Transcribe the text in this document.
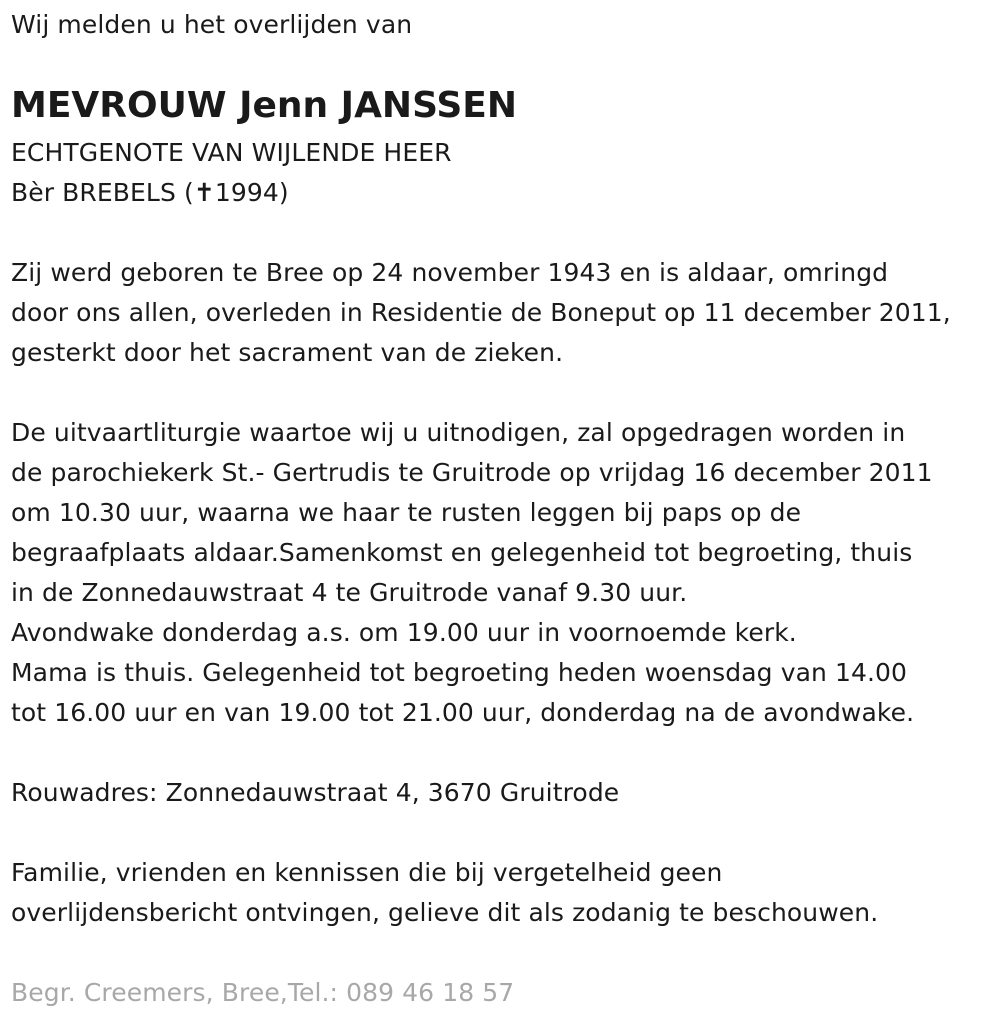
Wij melden u het overlijden van
MEVROUW Jenn JANSSEN
ECHTGENOTE VAN WIJLENDE HEER
Bèr BREBELS (✝1994)
Zij werd geboren te Bree op 24 november 1943 en is aldaar, omringd
door ons allen, overleden in Residentie de Boneput op 11 december 2011,
gesterkt door het sacrament van de zieken.
De uitvaartliturgie waartoe wij u uitnodigen, zal opgedragen worden in
de parochiekerk St.- Gertrudis te Gruitrode op vrijdag 16 december 2011
om 10.30 uur, waarna we haar te rusten leggen bij paps op de
begraafplaats aldaar.Samenkomst en gelegenheid tot begroeting, thuis
in de Zonnedauwstraat 4 te Gruitrode vanaf 9.30 uur.
Avondwake donderdag a.s. om 19.00 uur in voornoemde kerk.
Mama is thuis. Gelegenheid tot begroeting heden woensdag van 14.00
tot 16.00 uur en van 19.00 tot 21.00 uur, donderdag na de avondwake.
Rouwadres: Zonnedauwstraat 4, 3670 Gruitrode
Familie, vrienden en kennissen die bij vergetelheid geen
overlijdensbericht ontvingen, gelieve dit als zodanig te beschouwen.
Begr. Creemers, Bree,Tel.: 089 46 18 57
